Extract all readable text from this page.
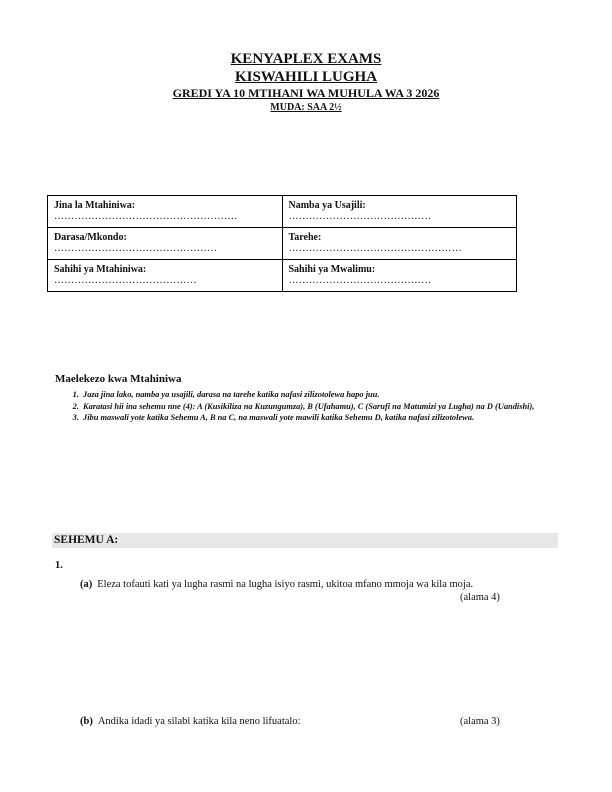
KENYAPLEX EXAMS
KISWAHILI LUGHA
GREDI YA 10 MTIHANI WA MUHULA WA 3 2026
MUDA: SAA 2½
Jina la Mtahiniwa:
………………………………………………	Namba ya Usajili:
……………………………………

Darasa/Mkondo:
…………………………………………	Tarehe:
……………………………………………

Sahihi ya Mtahiniwa:
……………………………………	Sahihi ya Mwalimu:
……………………………………
Maelekezo kwa Mtahiniwa
1. Jaza jina lako, namba ya usajili, darasa na tarehe katika nafasi zilizotolewa hapo juu.
2. Karatasi hii ina sehemu nne (4): A (Kusikiliza na Kuzungumza), B (Ufahamu), C (Sarufi na Matumizi ya Lugha) na D (Uandishi),
3. Jibu maswali yote katika Sehemu A, B na C, na maswali yote mawili katika Sehemu D, katika nafasi zilizotolewa.
SEHEMU A:
1.
(a) Eleza tofauti kati ya lugha rasmi na lugha isiyo rasmi, ukitoa mfano mmoja wa kila moja.
(alama 4)
(b) Andika idadi ya silabi katika kila neno lifuatalo:	(alama 3)
